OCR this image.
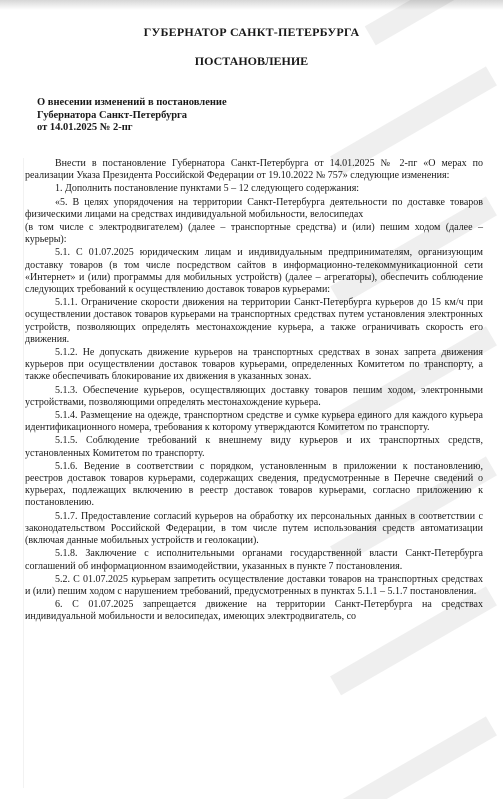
ГУБЕРНАТОР САНКТ-ПЕТЕРБУРГА
ПОСТАНОВЛЕНИЕ
О внесении изменений в постановление
Губернатора Санкт-Петербурга
от 14.01.2025 № 2-пг

Внести в постановление Губернатора Санкт-Петербурга от 14.01.2025 № 2-пг «О мерах по реализации Указа Президента Российской Федерации от 19.10.2022 № 757» следующие изменения:

1. Дополнить постановление пунктами 5 – 12 следующего содержания:

«5. В целях упорядочения на территории Санкт-Петербурга деятельности по доставке товаров физическими лицами на средствах индивидуальной мобильности, велосипедах

(в том числе с электродвигателем) (далее – транспортные средства) и (или) пешим ходом (далее – курьеры):

5.1. С 01.07.2025 юридическим лицам и индивидуальным предпринимателям, организующим доставку товаров (в том числе посредством сайтов в информационно-телекоммуникационной сети «Интернет» и (или) программы для мобильных устройств) (далее – агрегаторы), обеспечить соблюдение следующих требований к осуществлению доставок товаров курьерами:

5.1.1. Ограничение скорости движения на территории Санкт-Петербурга курьеров до 15 км/ч при осуществлении доставок товаров курьерами на транспортных средствах путем установления электронных устройств, позволяющих определять местонахождение курьера, а также ограничивать скорость его движения.

5.1.2. Не допускать движение курьеров на транспортных средствах в зонах запрета движения курьеров при осуществлении доставок товаров курьерами, определенных Комитетом по транспорту, а также обеспечивать блокирование их движения в указанных зонах.

5.1.3. Обеспечение курьеров, осуществляющих доставку товаров пешим ходом, электронными устройствами, позволяющими определять местонахождение курьера.

5.1.4. Размещение на одежде, транспортном средстве и сумке курьера единого для каждого курьера идентификационного номера, требования к которому утверждаются Комитетом по транспорту.

5.1.5. Соблюдение требований к внешнему виду курьеров и их транспортных средств, установленных Комитетом по транспорту.

5.1.6. Ведение в соответствии с порядком, установленным в приложении к постановлению, реестров доставок товаров курьерами, содержащих сведения, предусмотренные в Перечне сведений о курьерах, подлежащих включению в реестр доставок товаров курьерами, согласно приложению к постановлению.

5.1.7. Предоставление согласий курьеров на обработку их персональных данных в соответствии с законодательством Российской Федерации, в том числе путем использования средств автоматизации (включая данные мобильных устройств и геолокации).

5.1.8. Заключение с исполнительными органами государственной власти Санкт-Петербурга соглашений об информационном взаимодействии, указанных в пункте 7 постановления.

5.2. С 01.07.2025 курьерам запретить осуществление доставки товаров на транспортных средствах и (или) пешим ходом с нарушением требований, предусмотренных в пунктах 5.1.1 – 5.1.7 постановления.

6. С 01.07.2025 запрещается движение на территории Санкт-Петербурга на средствах индивидуальной мобильности и велосипедах, имеющих электродвигатель, со
